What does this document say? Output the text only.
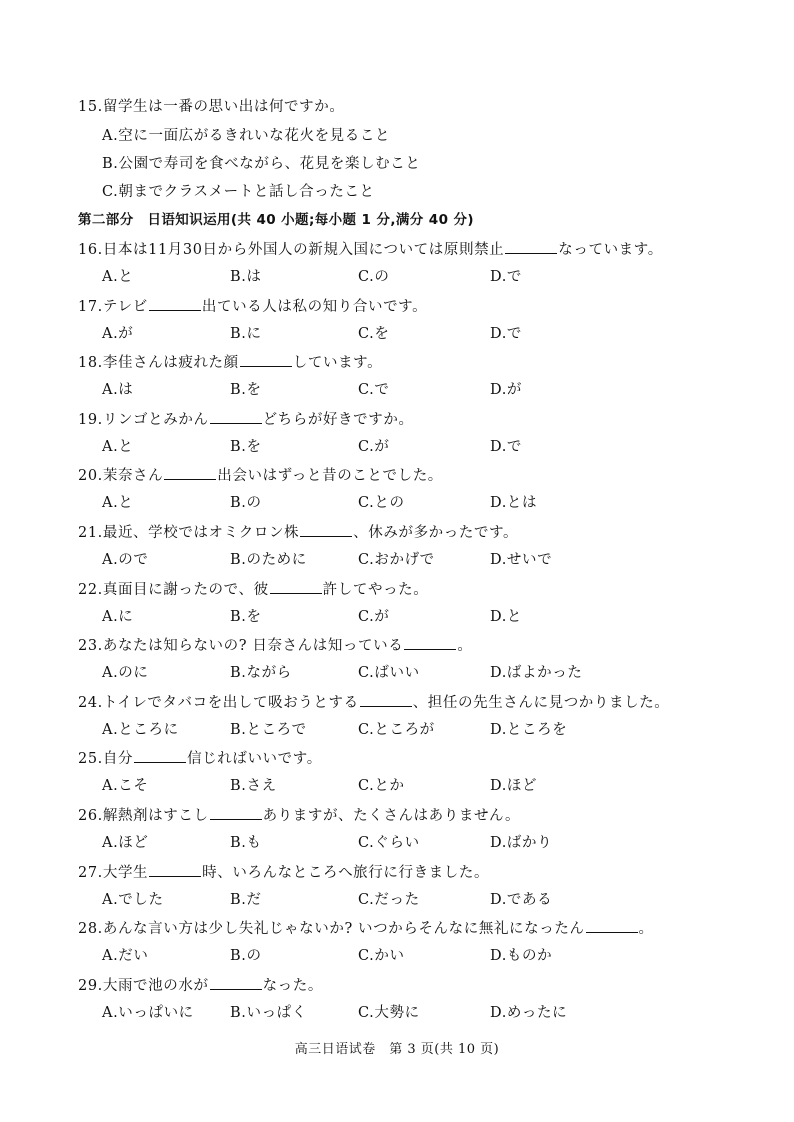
15.留学生は一番の思い出は何ですか。
A.空に一面広がるきれいな花火を見ること
B.公園で寿司を食べながら、花見を楽しむこと
C.朝までクラスメートと話し合ったこと
第二部分　日语知识运用(共 40 小题;每小题 1 分,满分 40 分)
16.日本は11月30日から外国人の新規入国については原則禁止	なっています。
A.と	B.は	C.の	D.で
17.テレビ	出ている人は私の知り合いです。
A.が	B.に	C.を	D.で
18.李佳さんは疲れた顔	しています。
A.は	B.を	C.で	D.が
19.リンゴとみかん	どちらが好きですか。
A.と	B.を	C.が	D.で
20.茉奈さん	出会いはずっと昔のことでした。
A.と	B.の	C.との	D.とは
21.最近、学校ではオミクロン株	、休みが多かったです。
A.ので	B.のために	C.おかげで	D.せいで
22.真面目に謝ったので、彼	許してやった。
A.に	B.を	C.が	D.と
23.あなたは知らないの? 日奈さんは知っている	。
A.のに	B.ながら	C.ばいい	D.ばよかった
24.トイレでタバコを出して吸おうとする	、担任の先生さんに見つかりました。
A.ところに	B.ところで	C.ところが	D.ところを
25.自分	信じればいいです。
A.こそ	B.さえ	C.とか	D.ほど
26.解熱剤はすこし	ありますが、たくさんはありません。
A.ほど	B.も	C.ぐらい	D.ばかり
27.大学生	時、いろんなところへ旅行に行きました。
A.でした	B.だ	C.だった	D.である
28.あんな言い方は少し失礼じゃないか? いつからそんなに無礼になったん	。
A.だい	B.の	C.かい	D.ものか
29.大雨で池の水が	なった。
A.いっぱいに B.いっぱく	C.大勢に	D.めったに
高三日语试卷　第 3 页(共 10 页)
